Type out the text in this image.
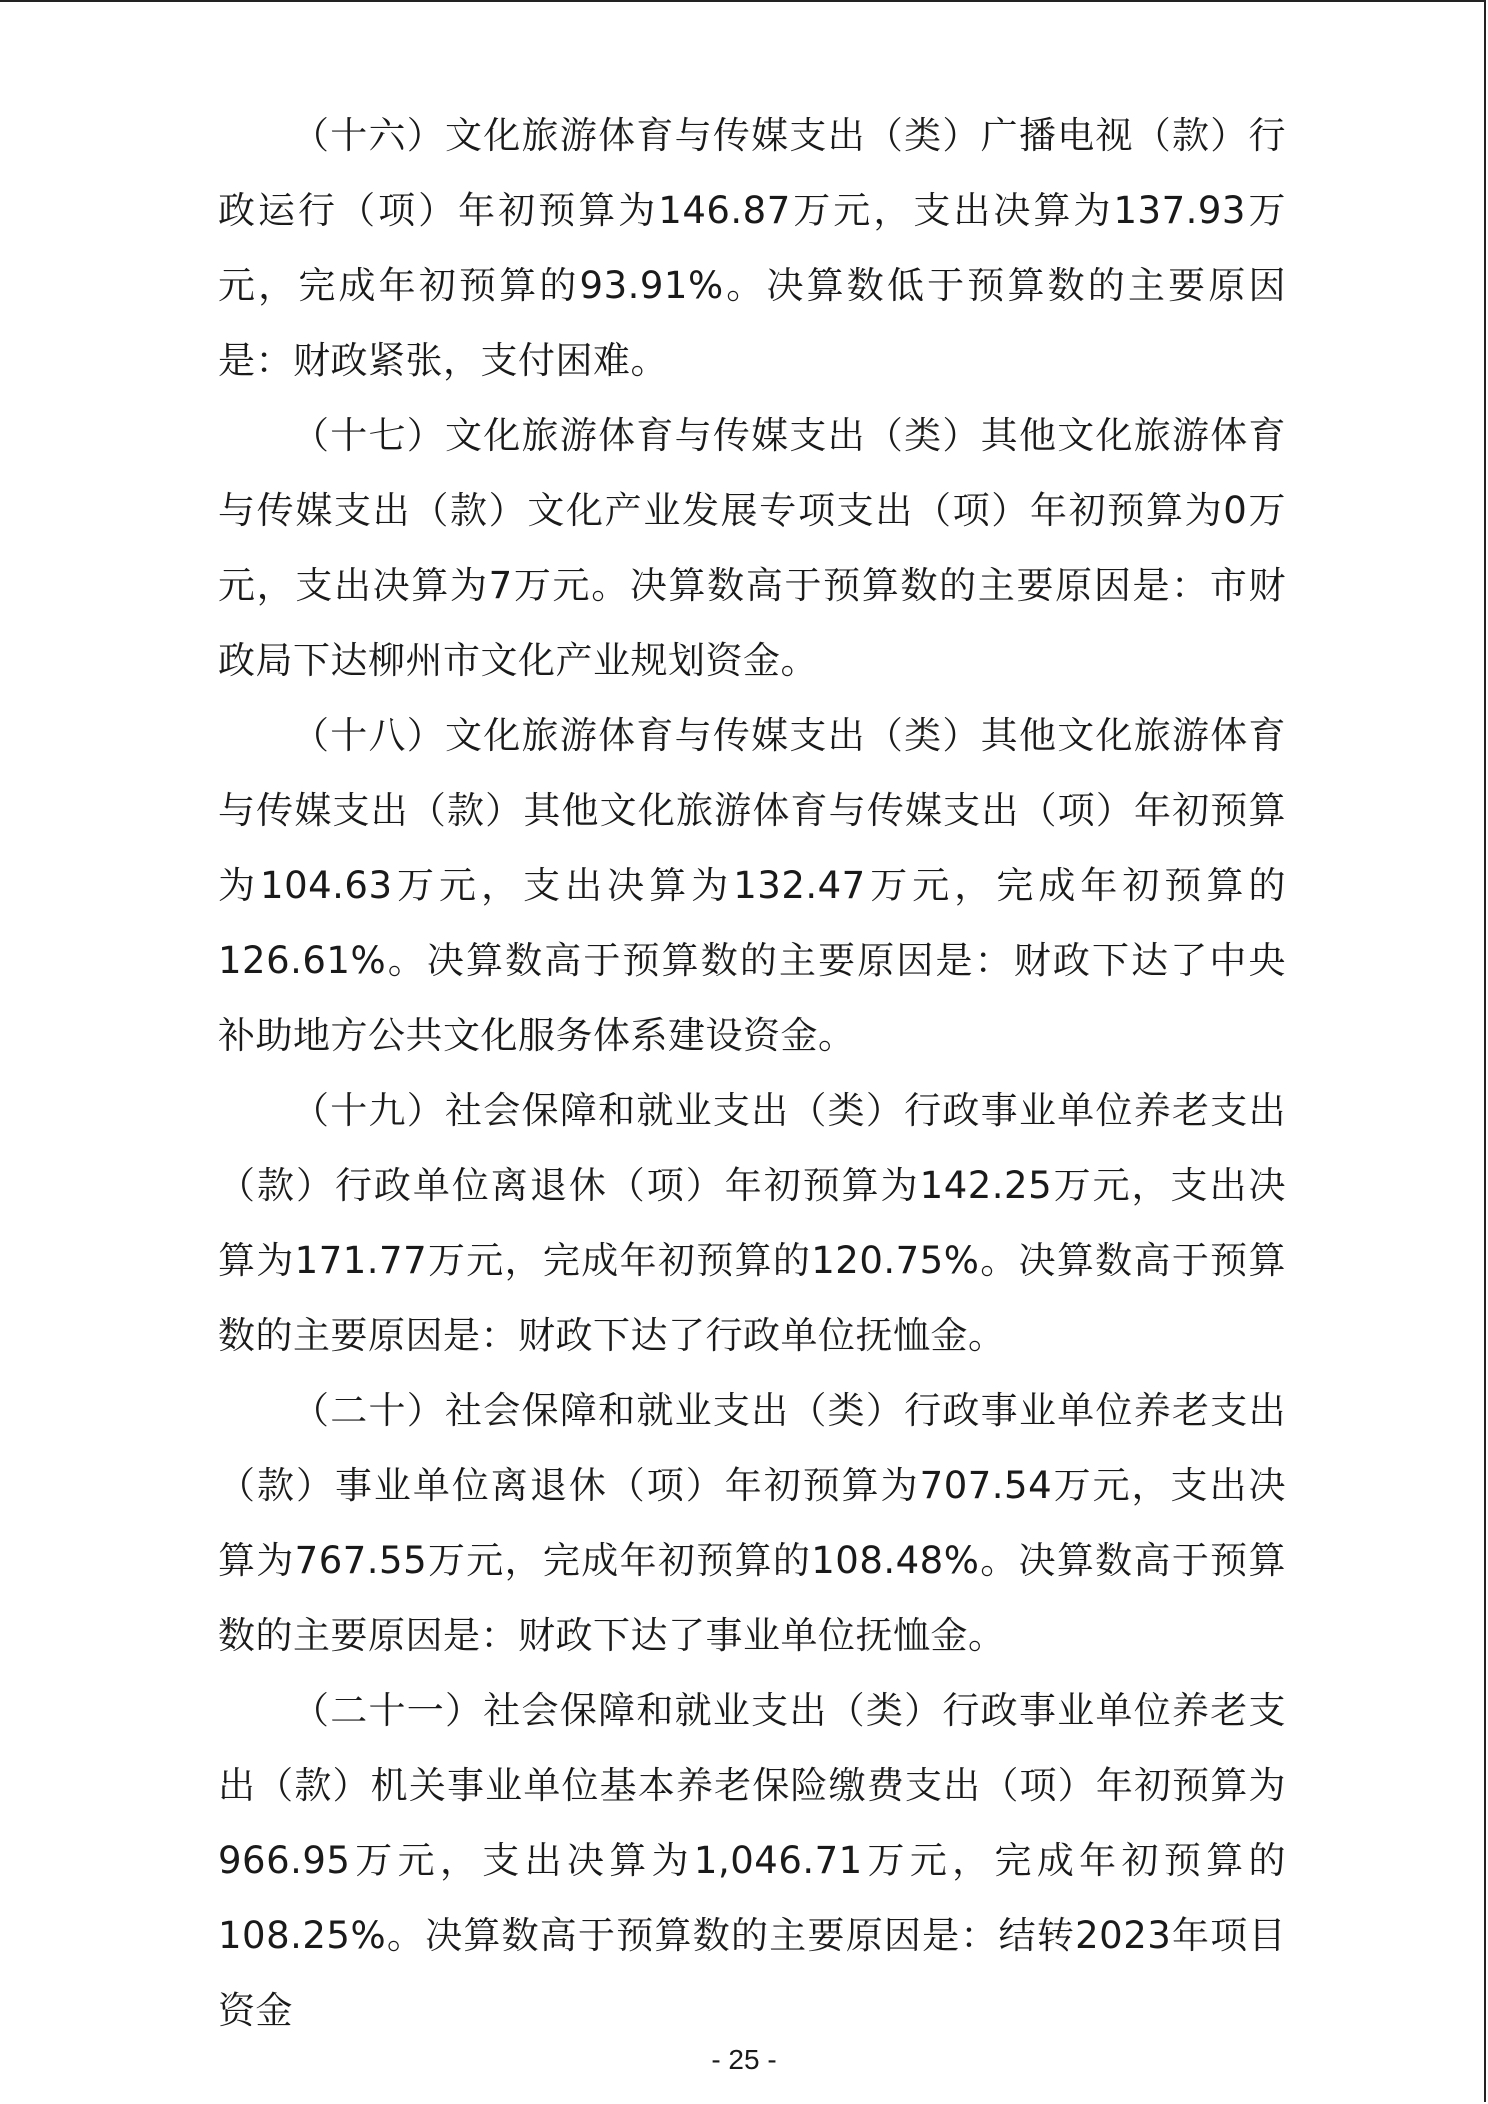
（十六）文化旅游体育与传媒支出（类）广播电视（款）行政运行（项）年初预算为146.87万元，支出决算为137.93万元，完成年初预算的93.91%。决算数低于预算数的主要原因是：财政紧张，支付困难。

（十七）文化旅游体育与传媒支出（类）其他文化旅游体育与传媒支出（款）文化产业发展专项支出（项）年初预算为0万元，支出决算为7万元。决算数高于预算数的主要原因是：市财政局下达柳州市文化产业规划资金。

（十八）文化旅游体育与传媒支出（类）其他文化旅游体育与传媒支出（款）其他文化旅游体育与传媒支出（项）年初预算为104.63万元，支出决算为132.47万元，完成年初预算的126.61%。决算数高于预算数的主要原因是：财政下达了中央补助地方公共文化服务体系建设资金。

（十九）社会保障和就业支出（类）行政事业单位养老支出（款）行政单位离退休（项）年初预算为142.25万元，支出决算为171.77万元，完成年初预算的120.75%。决算数高于预算数的主要原因是：财政下达了行政单位抚恤金。

（二十）社会保障和就业支出（类）行政事业单位养老支出（款）事业单位离退休（项）年初预算为707.54万元，支出决算为767.55万元，完成年初预算的108.48%。决算数高于预算数的主要原因是：财政下达了事业单位抚恤金。

（二十一）社会保障和就业支出（类）行政事业单位养老支出（款）机关事业单位基本养老保险缴费支出（项）年初预算为966.95万元，支出决算为1,046.71万元，完成年初预算的108.25%。决算数高于预算数的主要原因是：结转2023年项目资金

- 25 -
